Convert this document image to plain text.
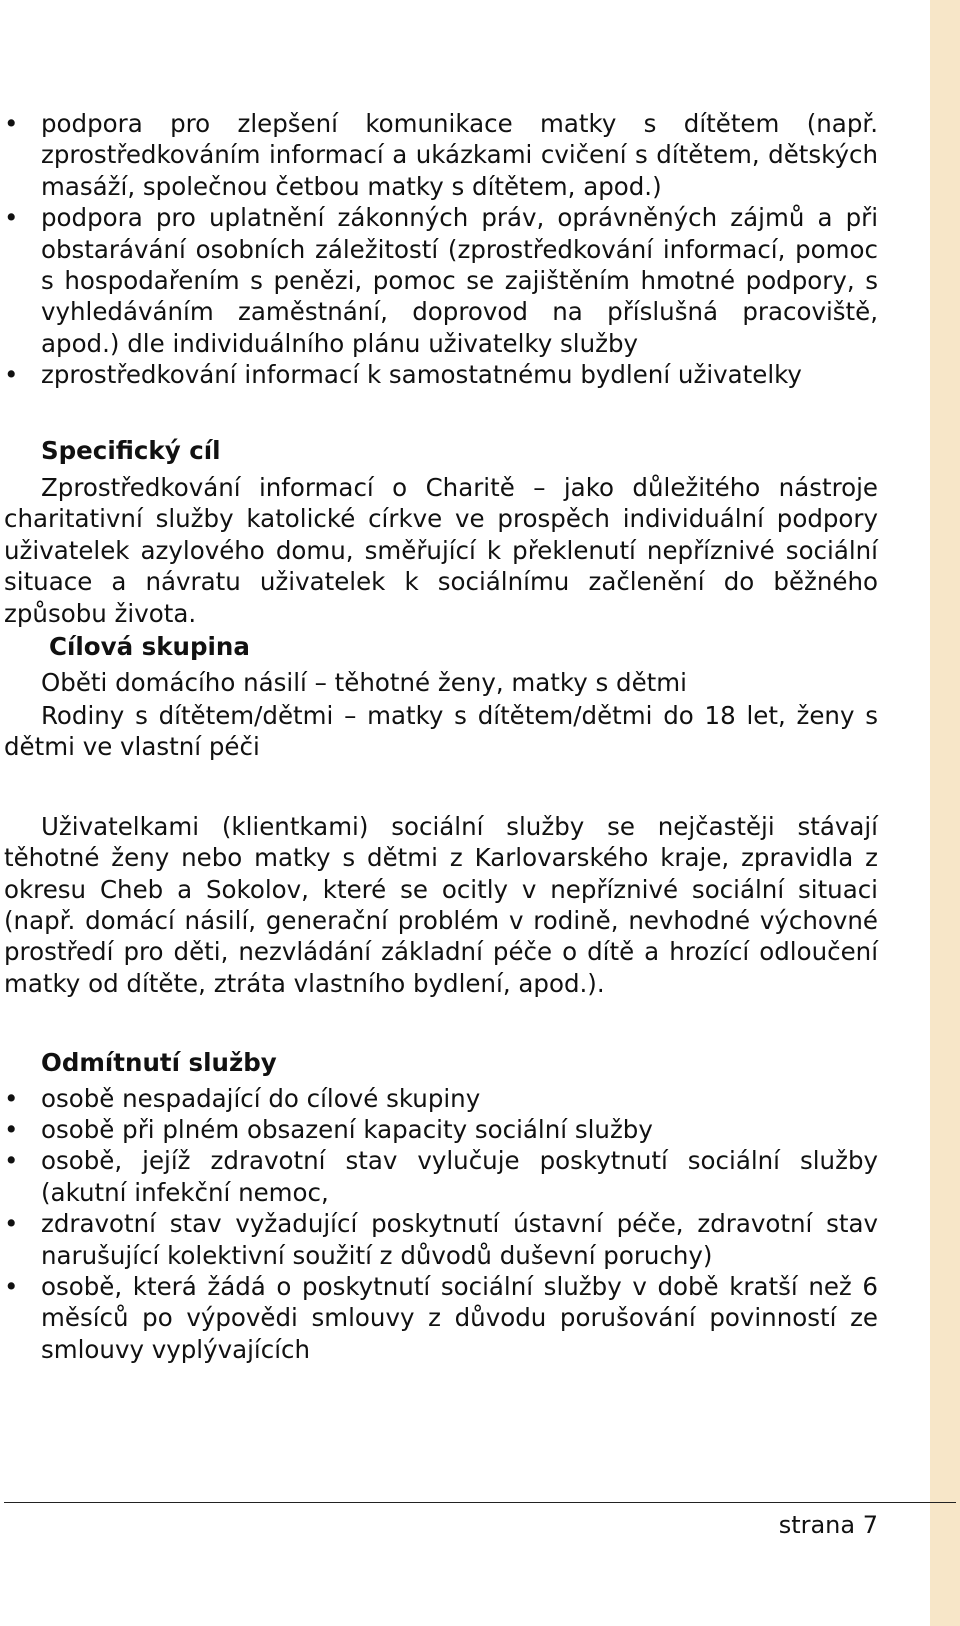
• podpora pro zlepšení komunikace matky s dítětem (např. zprostředkováním informací a ukázkami cvičení s dítětem, dětských masáží, společnou četbou matky s dítětem, apod.)
• podpora pro uplatnění zákonných práv, oprávněných zájmů a při obstarávání osobních záležitostí (zprostředkování informací, pomoc s hospodařením s penězi, pomoc se zajištěním hmotné podpory, s vyhledáváním zaměstnání, doprovod na příslušná pracoviště, apod.) dle individuálního plánu uživatelky služby
• zprostředkování informací k samostatnému bydlení uživatelky
Specifický cíl
Zprostředkování informací o Charitě – jako důležitého nástroje charitativní služby katolické církve ve prospěch individuální podpory uživatelek azylového domu, směřující k překlenutí nepříznivé sociální situace a návratu uživatelek k sociálnímu začlenění do běžného způsobu života.
Cílová skupina
Oběti domácího násilí – těhotné ženy, matky s dětmi
Rodiny s dítětem/dětmi – matky s dítětem/dětmi do 18 let, ženy s dětmi ve vlastní péči
Uživatelkami (klientkami) sociální služby se nejčastěji stávají těhotné ženy nebo matky s dětmi z Karlovarského kraje, zpravidla z okresu Cheb a Sokolov, které se ocitly v nepříznivé sociální situaci (např. domácí násilí, generační problém v rodině, nevhodné výchovné prostředí pro děti, nezvládání základní péče o dítě a hrozící odloučení matky od dítěte, ztráta vlastního bydlení, apod.).
Odmítnutí služby
• osobě nespadající do cílové skupiny
• osobě při plném obsazení kapacity sociální služby
• osobě, jejíž zdravotní stav vylučuje poskytnutí sociální služby (akutní infekční nemoc,
• zdravotní stav vyžadující poskytnutí ústavní péče, zdravotní stav narušující kolektivní soužití z důvodů duševní poruchy)
• osobě, která žádá o poskytnutí sociální služby v době kratší než 6 měsíců po výpovědi smlouvy z důvodu porušování povinností ze smlouvy vyplývajících
strana 7
